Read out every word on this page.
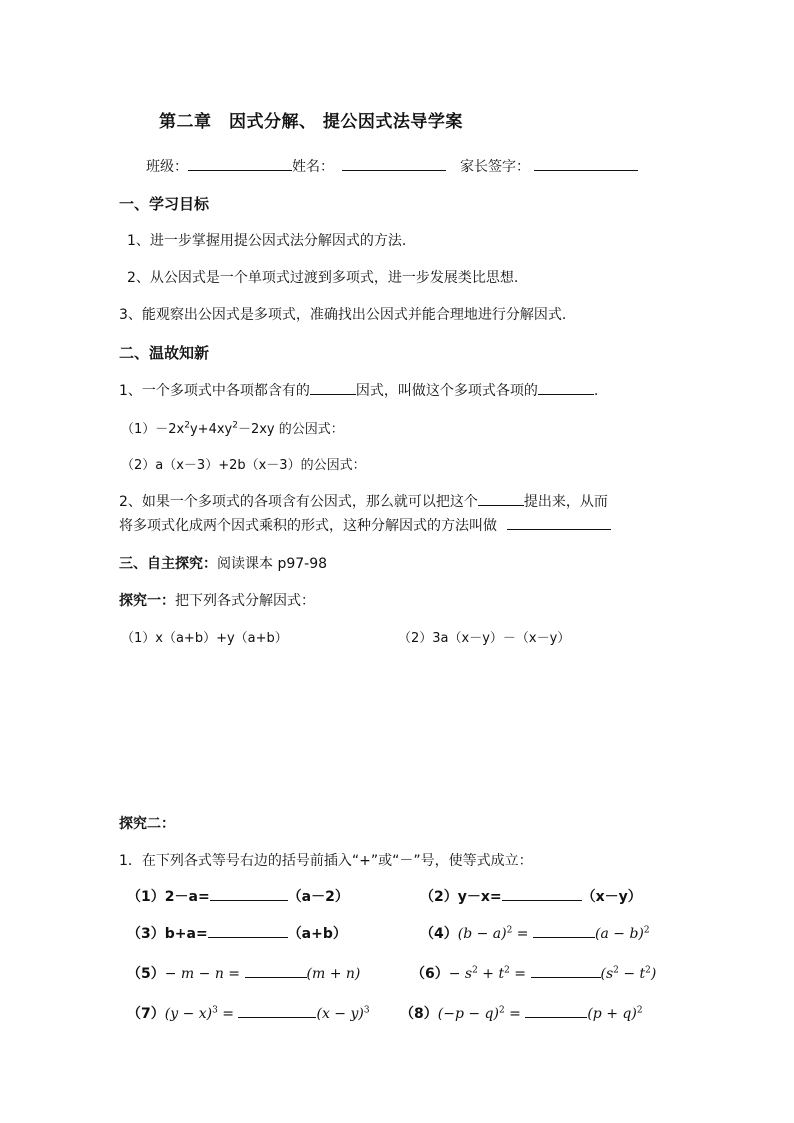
第二章　因式分解、 提公因式法导学案
班级：	姓名：	家长签字：
一、学习目标
1、进一步掌握用提公因式法分解因式的方法.
2、从公因式是一个单项式过渡到多项式，进一步发展类比思想.
3、能观察出公因式是多项式，准确找出公因式并能合理地进行分解因式.
二、温故知新
1、一个多项式中各项都含有的	因式，叫做这个多项式各项的	.
$(1)-2x^2y+4xy^2-2xy$ 的公因式：
（2）a（x－3）+2b（x－3）的公因式：
2、如果一个多项式的各项含有公因式，那么就可以把这个	提出来，从而
将多项式化成两个因式乘积的形式，这种分解因式的方法叫做
三、自主探究：阅读课本 p97-98
探究一：把下列各式分解因式：
（1）x（a+b）+y（a+b）	（2）3a（x－y）－（x－y）
探究二：
1．在下列各式等号右边的括号前插入“+”或“－”号，使等式成立：
（1）2－a=	（a－2）	（2）y－x=	（x－y）
（3）b+a=	（a+b）	$(4)(b - a)^2$ =	$(a - b)^2$
（5）− m − n =	(m + n)	$(6)- s^2 + t^2$ =	$(s^2 - t^2)$
$(7)(y - x)^3$ =	$(x - y)^3$ $(8)(-p - q)^2$ =	$(p + q)^2$
